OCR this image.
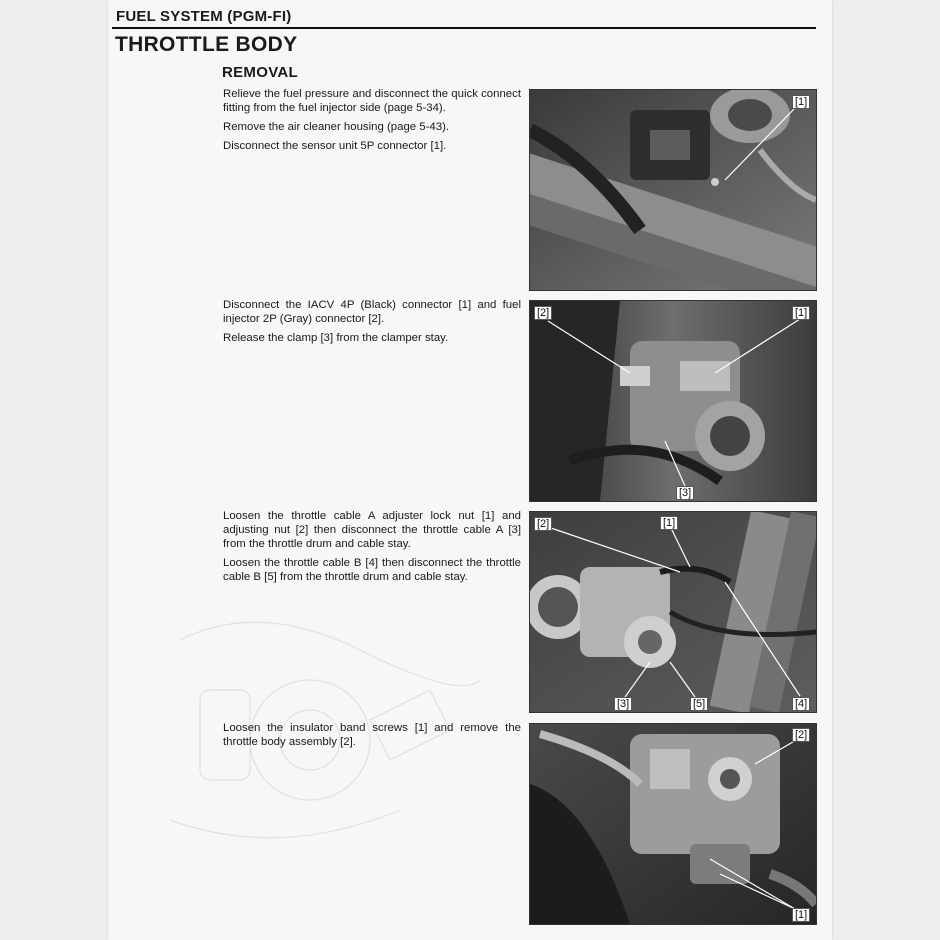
FUEL SYSTEM (PGM-FI)
THROTTLE BODY
REMOVAL

Relieve the fuel pressure and disconnect the quick connect fitting from the fuel injector side (page 5-34).

Remove the air cleaner housing (page 5-43).

Disconnect the sensor unit 5P connector [1].

[1]

Disconnect the IACV 4P (Black) connector [1] and fuel injector 2P (Gray) connector [2].

Release the clamp [3] from the clamper stay.

[2]	[1]
[3]

Loosen the throttle cable A adjuster lock nut [1] and adjusting nut [2] then disconnect the throttle cable A [3] from the throttle drum and cable stay.

Loosen the throttle cable B [4] then disconnect the throttle cable B [5] from the throttle drum and cable stay.

[2]	[1]
[3]	[5]	[4]

Loosen the insulator band screws [1] and remove the throttle body assembly [2].

[2]
[1]
